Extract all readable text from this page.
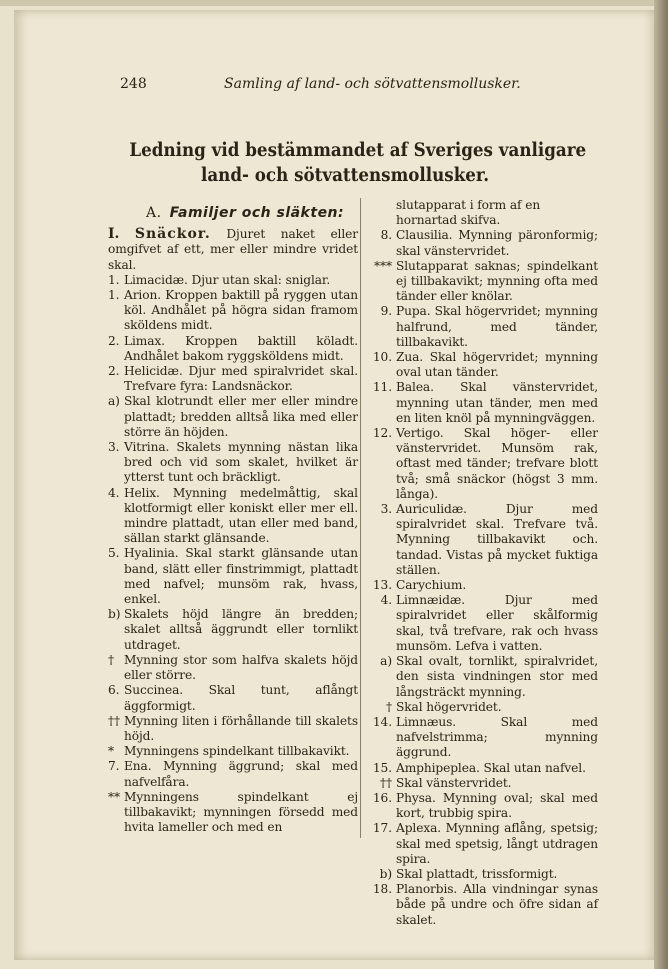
248	Samling af land- och sötvattensmollusker.
Ledning vid bestämmandet af Sveriges vanligare
land- och sötvattensmollusker.
A. Familjer och släkten:
I. Snäckor. Djuret naket eller omgifvet af ett, mer eller mindre vridet skal.
1. Limacidæ. Djur utan skal: sniglar.
1. Arion. Kroppen baktill på ryggen utan köl. Andhålet på högra sidan framom sköldens midt.
2. Limax. Kroppen baktill köladt. Andhålet bakom ryggsköldens midt.
2. Helicidæ. Djur med spiralvridet skal. Trefvare fyra: Landsnäckor.
a) Skal klotrundt eller mer eller mindre plattadt; bredden alltså lika med eller större än höjden.
3. Vitrina. Skalets mynning nästan lika bred och vid som skalet, hvilket är ytterst tunt och bräckligt.
4. Helix. Mynning medelmåttig, skal klotformigt eller koniskt eller mer ell. mindre plattadt, utan eller med band, sällan starkt glänsande.
5. Hyalinia. Skal starkt glänsande utan band, slätt eller finstrimmigt, plattadt med nafvel; munsöm rak, hvass, enkel.
b) Skalets höjd längre än bredden; skalet alltså äggrundt eller tornlikt utdraget.
† Mynning stor som halfva skalets höjd eller större.
6. Succinea. Skal tunt, aflångt äggformigt.
†† Mynning liten i förhållande till skalets höjd.
* Mynningens spindelkant tillbakavikt.
7. Ena. Mynning äggrund; skal med nafvelfåra.
** Mynningens spindelkant ej tillbakavikt; mynningen försedd med hvita lameller och med en
slutapparat i form af en hornartad skifva.
8. Clausilia. Mynning päronformig; skal vänstervridet.
*** Slutapparat saknas; spindelkant ej tillbakavikt; mynning ofta med tänder eller knölar.
9. Pupa. Skal högervridet; mynning halfrund, med tänder, tillbakavikt.
10. Zua. Skal högervridet; mynning oval utan tänder.
11. Balea. Skal vänstervridet, mynning utan tänder, men med en liten knöl på mynningväggen.
12. Vertigo. Skal höger- eller vänstervridet. Munsöm rak, oftast med tänder; trefvare blott två; små snäckor (högst 3 mm. långa).
3. Auriculidæ. Djur med spiralvridet skal. Trefvare två. Mynning tillbakavikt och. tandad. Vistas på mycket fuktiga ställen.
13. Carychium.
4. Limnæidæ. Djur med spiralvridet eller skålformig skal, två trefvare, rak och hvass munsöm. Lefva i vatten.
a) Skal ovalt, tornlikt, spiralvridet, den sista vindningen stor med långsträckt mynning.
† Skal högervridet.
14. Limnæus. Skal med nafvelstrimma; mynning äggrund.
15. Amphipeplea. Skal utan nafvel.
†† Skal vänstervridet.
16. Physa. Mynning oval; skal med kort, trubbig spira.
17. Aplexa. Mynning aflång, spetsig; skal med spetsig, långt utdragen spira.
b) Skal plattadt, trissformigt.
18. Planorbis. Alla vindningar synas både på undre och öfre sidan af skalet.
